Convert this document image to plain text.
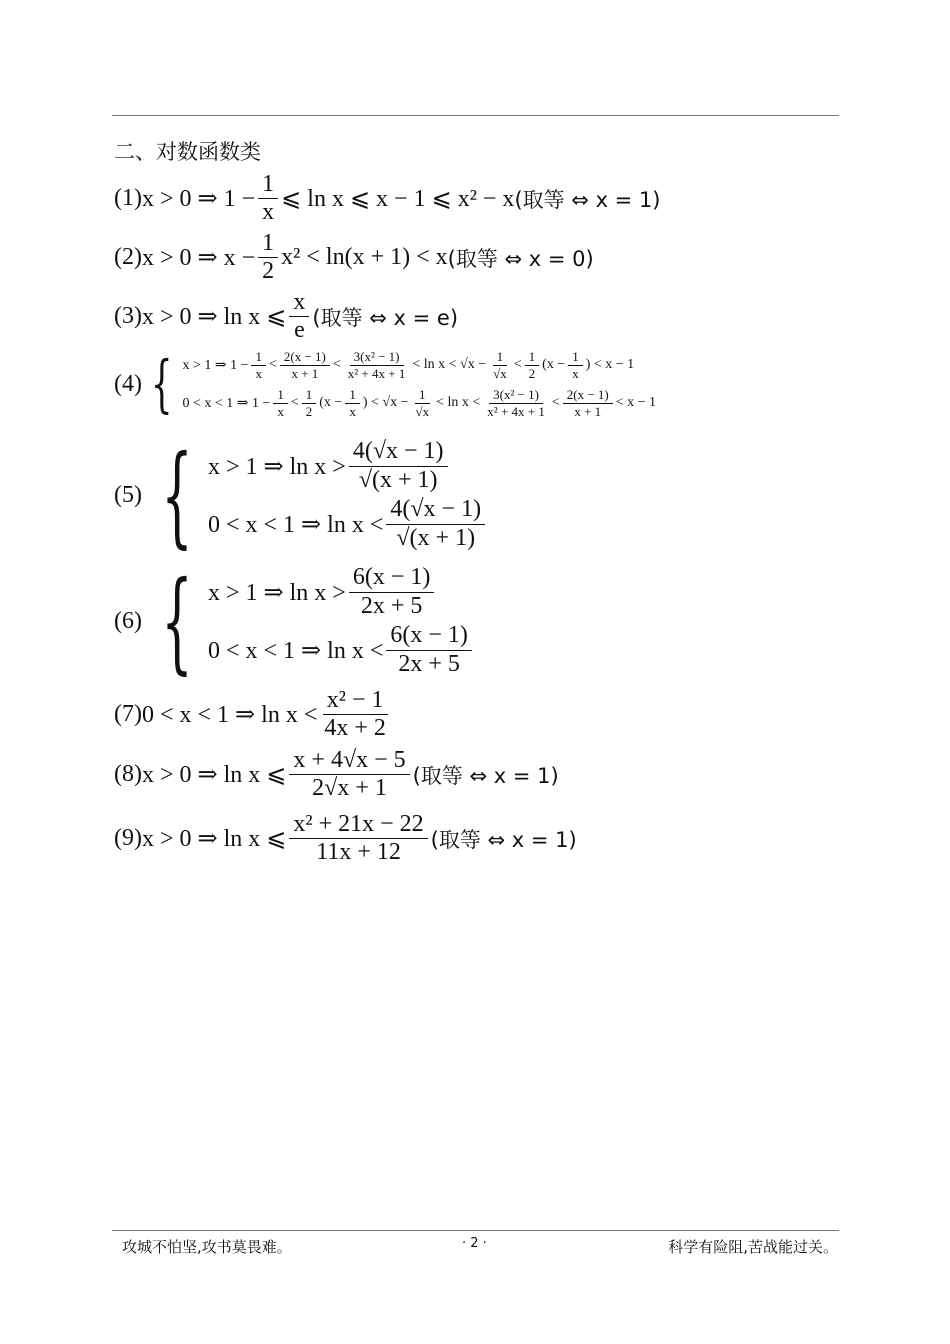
二、对数函数类
(1) x > 0 ⇒ $1 - \frac{1}{x}$ ⩽ ln x ⩽ x − 1 ⩽ x² − x (取等 ⇔ x = 1)
(2) x > 0 ⇒ $x - \frac{1}{2} x^2 < \ln(x + 1) < x$ (取等 ⇔ x = 0)
(3) x > 0 ⇒ ln x ⩽ $\frac{x}{e}$ (取等 ⇔ x = e)
(4) { x > 1 ⇒ $1 - \frac{1}{x} < \frac{2(x - 1)}{x + 1} < \frac{\text{3(x² − 1)}}{\text{x² + 4x + 1}} < \ln x < √x - \frac{1}{√x} < \frac{1}{2} (x - \frac{1}{x}$ ) < x − 1
0 < x < 1 ⇒ $1 - \frac{1}{x} < \frac{1}{2} (x - \frac{1}{x}$ ) < $√x - \frac{1}{√x} < \ln x < \frac{\text{3(x² − 1)}}{\text{x² + 4x + 1}} < \frac{2(x - 1)}{x + 1} < x - 1$
(5) { x > 1 ⇒ $\ln x > \frac{4(√x - 1)}{√(x + 1)}$
0 < x < 1 ⇒ $\ln x < \frac{4(√x - 1)}{√(x + 1)}$
(6) { x > 1 ⇒ $\ln x > \frac{6(x - 1)}{2x + 5}$
0 < x < 1 ⇒ $\ln x < \frac{6(x - 1)}{2x + 5}$
(7) 0 < x < 1 ⇒ $\ln x < \frac{\text{x² − 1}}{4x + 2}$
(8) x > 0 ⇒ ln x ⩽ $\frac{x + 4√x - 5}{2√x + 1}$ (取等 ⇔ x = 1)
(9) x > 0 ⇒ ln x ⩽ $\frac{\text{x² + 21x − 22}}{11x + 12}$ (取等 ⇔ x = 1)
攻城不怕坚,攻书莫畏难。	· 2 ·	科学有险阻,苦战能过关。
